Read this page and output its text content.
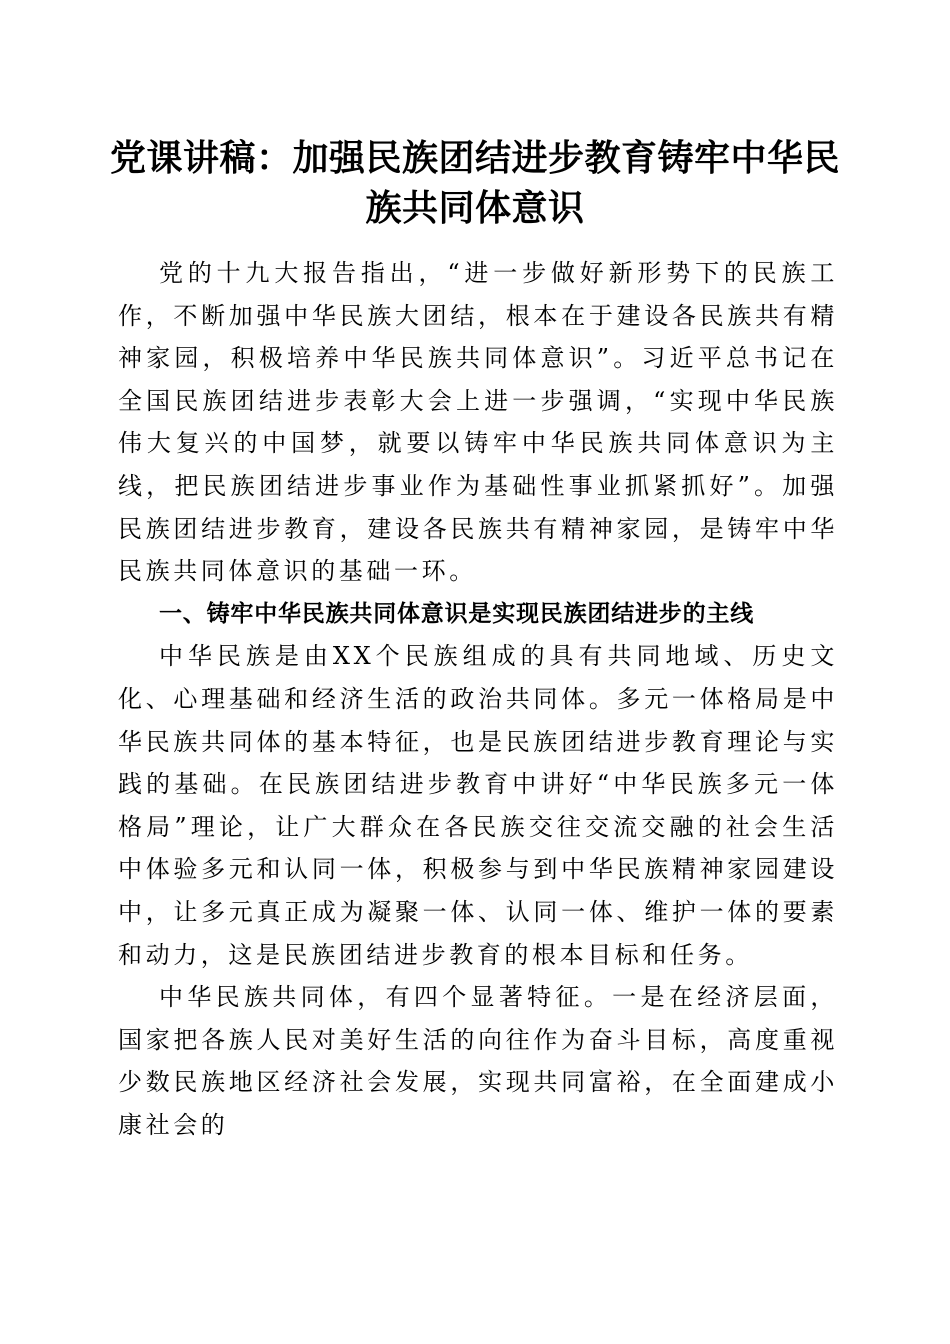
党课讲稿：加强民族团结进步教育铸牢中华民族共同体意识

党的十九大报告指出，“进一步做好新形势下的民族工作，不断加强中华民族大团结，根本在于建设各民族共有精神家园，积极培养中华民族共同体意识”。习近平总书记在全国民族团结进步表彰大会上进一步强调，“实现中华民族伟大复兴的中国梦，就要以铸牢中华民族共同体意识为主线，把民族团结进步事业作为基础性事业抓紧抓好”。加强民族团结进步教育，建设各民族共有精神家园，是铸牢中华民族共同体意识的基础一环。

一、铸牢中华民族共同体意识是实现民族团结进步的主线

中华民族是由XX个民族组成的具有共同地域、历史文化、心理基础和经济生活的政治共同体。多元一体格局是中华民族共同体的基本特征，也是民族团结进步教育理论与实践的基础。在民族团结进步教育中讲好“中华民族多元一体格局”理论，让广大群众在各民族交往交流交融的社会生活中体验多元和认同一体，积极参与到中华民族精神家园建设中，让多元真正成为凝聚一体、认同一体、维护一体的要素和动力，这是民族团结进步教育的根本目标和任务。

中华民族共同体，有四个显著特征。一是在经济层面，国家把各族人民对美好生活的向往作为奋斗目标，高度重视少数民族地区经济社会发展，实现共同富裕，在全面建成小康社会的
